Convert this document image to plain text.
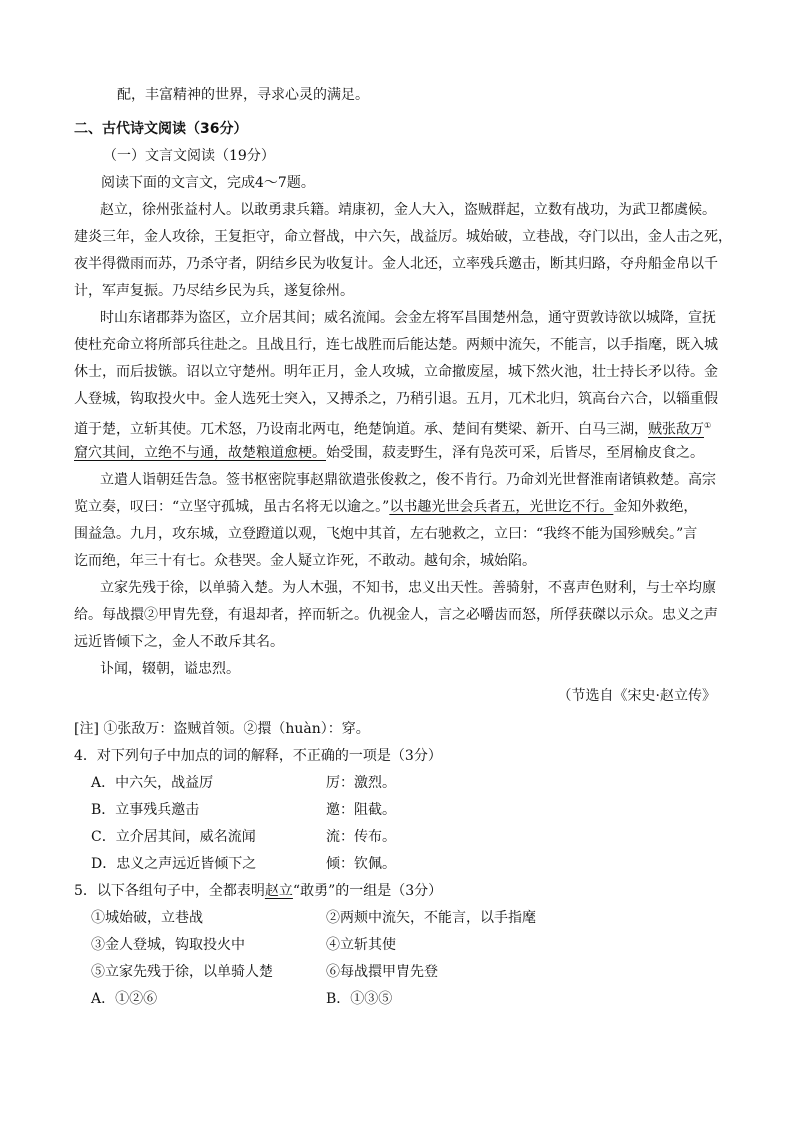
配，丰富精神的世界，寻求心灵的满足。
二、古代诗文阅读（36分）
（一）文言文阅读（19分）
阅读下面的文言文，完成4～7题。
赵立，徐州张益村人。以敢勇隶兵籍。靖康初，金人大入，盗贼群起，立数有战功，为武卫都虞候。
建炎三年，金人攻徐，王复拒守，命立督战，中六矢，战益厉。城始破，立巷战，夺门以出，金人击之死，
夜半得微雨而苏，乃杀守者，阴结乡民为收复计。金人北还，立率残兵邀击，断其归路，夺舟船金帛以千
计，军声复振。乃尽结乡民为兵，遂复徐州。
时山东诸郡莽为盗区，立介居其间；威名流闻。会金左将军昌围楚州急，通守贾敦诗欲以城降，宣抚
使杜充命立将所部兵往赴之。且战且行，连七战胜而后能达楚。两颊中流矢，不能言，以手指麾，既入城
休士，而后拔镞。诏以立守楚州。明年正月，金人攻城，立命撤废屋，城下然火池，壮士持长矛以待。金
人登城，钩取投火中。金人选死士突入，又搏杀之，乃稍引退。五月，兀术北归，筑高台六合，以辎重假
道于楚，立斩其使。兀术怒，乃设南北两屯，绝楚饷道。承、楚间有樊梁、新开、白马三湖，贼张敌万①
窟穴其间，立绝不与通，故楚粮道愈梗。始受围，菽麦野生，泽有凫茨可采，后皆尽，至屑榆皮食之。
立遣人诣朝廷告急。签书枢密院事赵鼎欲遣张俊救之，俊不肯行。乃命刘光世督淮南诸镇救楚。高宗
览立奏，叹曰：“立坚守孤城，虽古名将无以逾之。”以书趣光世会兵者五，光世讫不行。金知外救绝，
围益急。九月，攻东城，立登蹬道以观，飞炮中其首，左右驰救之，立曰：“我终不能为国殄贼矣。”言
讫而绝，年三十有七。众巷哭。金人疑立诈死，不敢动。越旬余，城始陷。
立家先残于徐，以单骑入楚。为人木强，不知书，忠义出天性。善骑射，不喜声色财利，与士卒均廪
给。每战擐②甲胄先登，有退却者，捽而斩之。仇视金人，言之必嚼齿而怒，所俘获磔以示众。忠义之声
远近皆倾下之，金人不敢斥其名。
讣闻，辍朝，谥忠烈。
（节选自《宋史·赵立传》
[注] ①张敌万：盗贼首领。②擐（huàn）：穿。
4．对下列句子中加点的词的解释，不正确的一项是（3分）
A．中六矢，战益厉	厉：激烈。
B．立事残兵邀击	邀：阻截。
C．立介居其间，威名流闻	流：传布。
D．忠义之声远近皆倾下之	倾：钦佩。
5．以下各组句子中，全都表明赵立“敢勇”的一组是（3分）
①城始破，立巷战	②两颊中流矢，不能言，以手指麾
③金人登城，钩取投火中	④立斩其使
⑤立家先残于徐，以单骑人楚	⑥每战擐甲胄先登
A．①②⑥	B．①③⑤
